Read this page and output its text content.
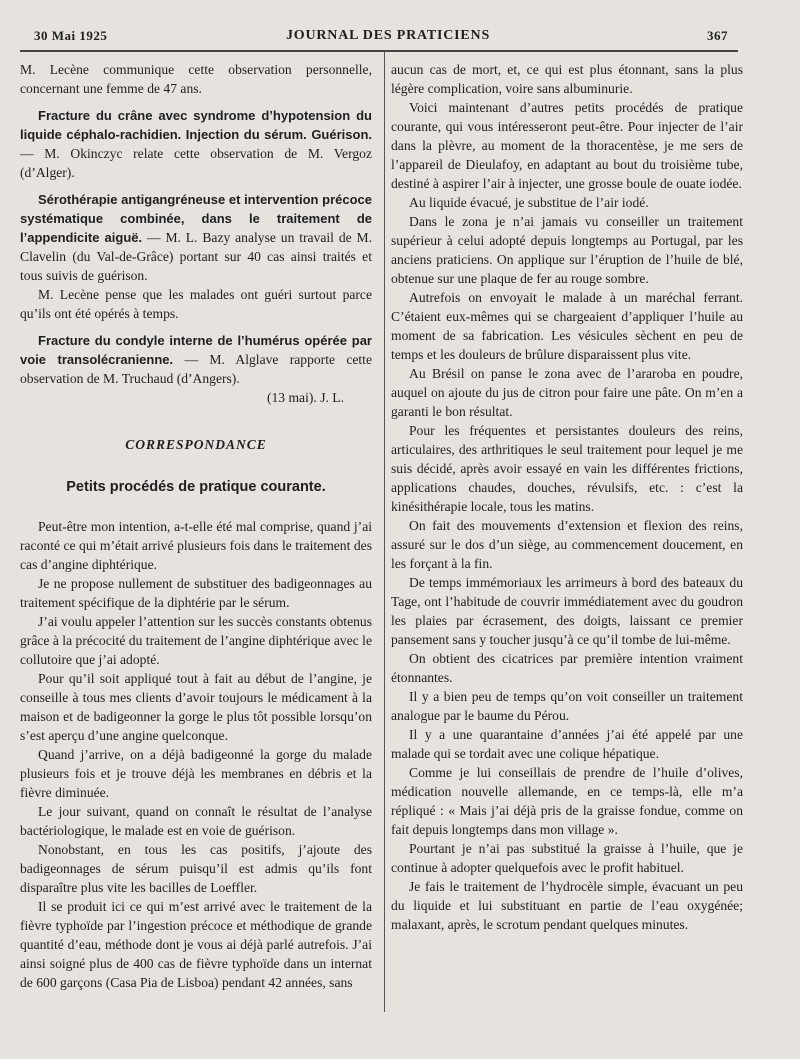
30 Mai 1925	JOURNAL DES PRATICIENS	367

M. Lecène communique cette observation personnelle, concernant une femme de 47 ans.

Fracture du crâne avec syndrome d’hypotension du liquide céphalo-rachidien. Injection du sérum. Guérison. — M. Okinczyc relate cette observation de M. Vergoz (d’Alger).

Sérothérapie antigangréneuse et intervention précoce systématique combinée, dans le traitement de l’appendicite aiguë. — M. L. Bazy analyse un travail de M. Clavelin (du Val-de-Grâce) portant sur 40 cas ainsi traités et tous suivis de guérison.

M. Lecène pense que les malades ont guéri surtout parce qu’ils ont été opérés à temps.

Fracture du condyle interne de l’humérus opérée par voie transolécranienne. — M. Alglave rapporte cette observation de M. Truchaud (d’Angers).

(13 mai). J. L.

CORRESPONDANCE
Petits procédés de pratique courante.

Peut-être mon intention, a-t-elle été mal comprise, quand j’ai raconté ce qui m’était arrivé plusieurs fois dans le traitement des cas d’angine diphtérique.

Je ne propose nullement de substituer des badigeonnages au traitement spécifique de la diphtérie par le sérum.

J’ai voulu appeler l’attention sur les succès constants obtenus grâce à la précocité du traitement de l’angine diphtérique avec le collutoire que j’ai adopté.

Pour qu’il soit appliqué tout à fait au début de l’angine, je conseille à tous mes clients d’avoir toujours le médicament à la maison et de badigeonner la gorge le plus tôt possible lorsqu’on s’est aperçu d’une angine quelconque.

Quand j’arrive, on a déjà badigeonné la gorge du malade plusieurs fois et je trouve déjà les membranes en débris et la fièvre diminuée.

Le jour suivant, quand on connaît le résultat de l’analyse bactériologique, le malade est en voie de guérison.

Nonobstant, en tous les cas positifs, j’ajoute des badigeonnages de sérum puisqu’il est admis qu’ils font disparaître plus vite les bacilles de Loeffler.

Il se produit ici ce qui m’est arrivé avec le traitement de la fièvre typhoïde par l’ingestion précoce et méthodique de grande quantité d’eau, méthode dont je vous ai déjà parlé autrefois. J’ai ainsi soigné plus de 400 cas de fièvre typhoïde dans un internat de 600 garçons (Casa Pia de Lisboa) pendant 42 années, sans

aucun cas de mort, et, ce qui est plus étonnant, sans la plus légère complication, voire sans albuminurie.

Voici maintenant d’autres petits procédés de pratique courante, qui vous intéresseront peut-être. Pour injecter de l’air dans la plèvre, au moment de la thoracentèse, je me sers de l’appareil de Dieulafoy, en adaptant au bout du troisième tube, destiné à aspirer l’air à injecter, une grosse boule de ouate iodée.

Au liquide évacué, je substitue de l’air iodé.

Dans le zona je n’ai jamais vu conseiller un traitement supérieur à celui adopté depuis longtemps au Portugal, par les anciens praticiens. On applique sur l’éruption de l’huile de blé, obtenue sur une plaque de fer au rouge sombre.

Autrefois on envoyait le malade à un maréchal ferrant. C’étaient eux-mêmes qui se chargeaient d’appliquer l’huile au moment de sa fabrication. Les vésicules sèchent en peu de temps et les douleurs de brûlure disparaissent plus vite.

Au Brésil on panse le zona avec de l’araroba en poudre, auquel on ajoute du jus de citron pour faire une pâte. On m’en a garanti le bon résultat.

Pour les fréquentes et persistantes douleurs des reins, articulaires, des arthritiques le seul traitement pour lequel je me suis décidé, après avoir essayé en vain les différentes frictions, applications chaudes, douches, révulsifs, etc. : c’est la kinésithérapie locale, tous les matins.

On fait des mouvements d’extension et flexion des reins, assuré sur le dos d’un siège, au commencement doucement, en les forçant à la fin.

De temps immémoriaux les arrimeurs à bord des bateaux du Tage, ont l’habitude de couvrir immédiatement avec du goudron les plaies par écrasement, des doigts, laissant ce premier pansement sans y toucher jusqu’à ce qu’il tombe de lui-même.

On obtient des cicatrices par première intention vraiment étonnantes.

Il y a bien peu de temps qu’on voit conseiller un traitement analogue par le baume du Pérou.

Il y a une quarantaine d’années j’ai été appelé par une malade qui se tordait avec une colique hépatique.

Comme je lui conseillais de prendre de l’huile d’olives, médication nouvelle allemande, en ce temps-là, elle m’a répliqué : « Mais j’ai déjà pris de la graisse fondue, comme on fait depuis longtemps dans mon village ».

Pourtant je n’ai pas substitué la graisse à l’huile, que je continue à adopter quelquefois avec le profit habituel.

Je fais le traitement de l’hydrocèle simple, évacuant un peu du liquide et lui substituant en partie de l’eau oxygénée; malaxant, après, le scrotum pendant quelques minutes.
